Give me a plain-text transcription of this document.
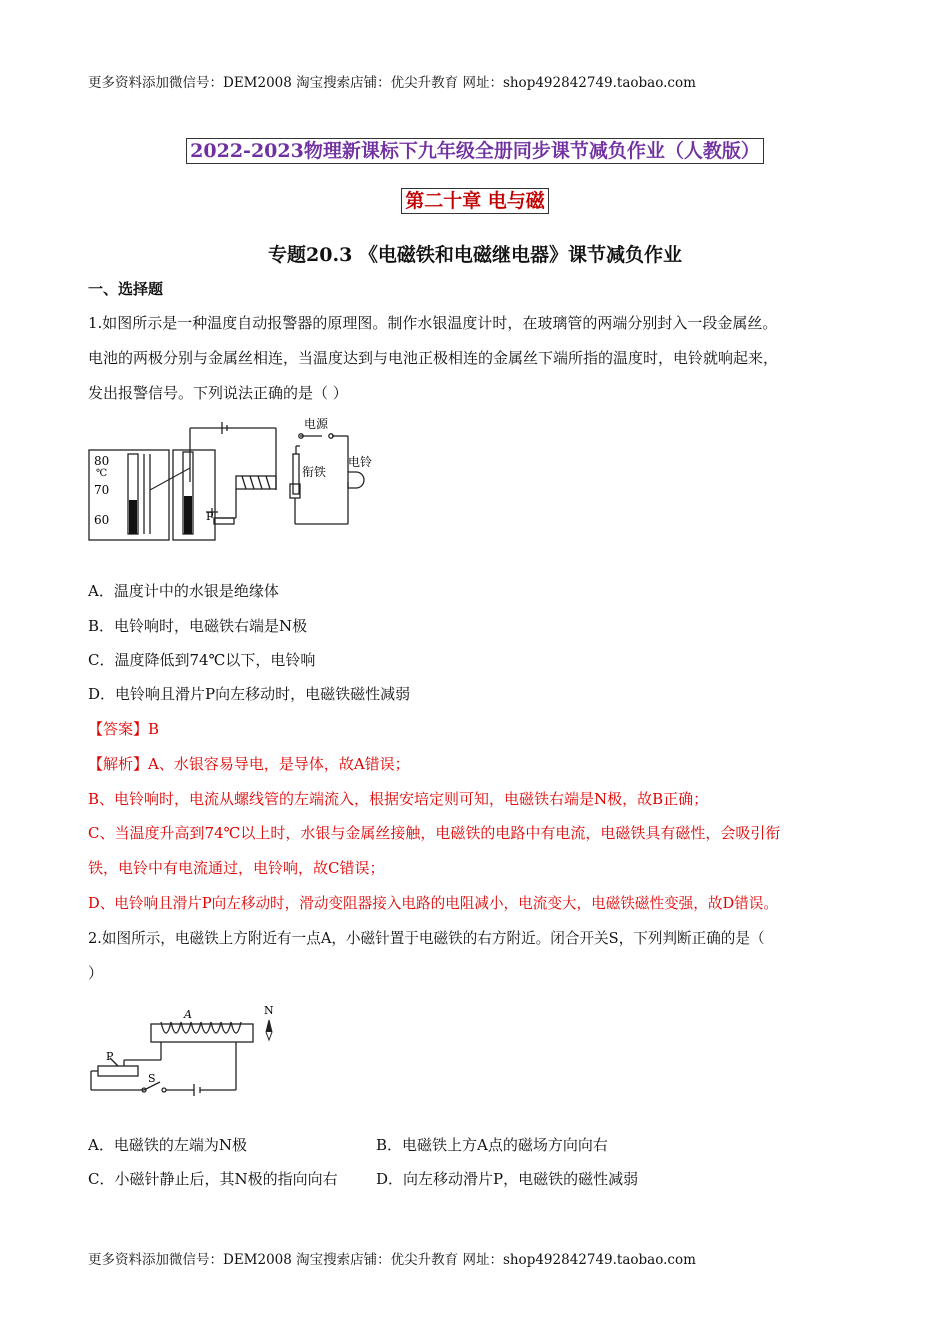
更多资料添加微信号：DEM2008 淘宝搜索店铺：优尖升教育 网址：shop492842749.taobao.com
2022-2023物理新课标下九年级全册同步课节减负作业（人教版）
第二十章 电与磁
专题20.3 《电磁铁和电磁继电器》课节减负作业
一、选择题
1.如图所示是一种温度自动报警器的原理图。制作水银温度计时，在玻璃管的两端分别封入一段金属丝。
电池的两极分别与金属丝相连，当温度达到与电池正极相连的金属丝下端所指的温度时，电铃就响起来，
发出报警信号。下列说法正确的是（ ）
80
℃
70
60	P
电源
衔铁
电铃
A．温度计中的水银是绝缘体
B．电铃响时，电磁铁右端是N极
C．温度降低到74℃以下，电铃响
D．电铃响且滑片P向左移动时，电磁铁磁性减弱
【答案】B
【解析】A、水银容易导电，是导体，故A错误；
B、电铃响时，电流从螺线管的左端流入，根据安培定则可知，电磁铁右端是N极，故B正确；
C、当温度升高到74℃以上时，水银与金属丝接触，电磁铁的电路中有电流，电磁铁具有磁性，会吸引衔
铁，电铃中有电流通过，电铃响，故C错误；
D、电铃响且滑片P向左移动时，滑动变阻器接入电路的电阻减小，电流变大，电磁铁磁性变强，故D错误。
2.如图所示，电磁铁上方附近有一点A，小磁针置于电磁铁的右方附近。闭合开关S，下列判断正确的是（
）
A	N
P
S
A．电磁铁的左端为N极	B．电磁铁上方A点的磁场方向向右
C．小磁针静止后，其N极的指向向右	D．向左移动滑片P，电磁铁的磁性减弱
更多资料添加微信号：DEM2008 淘宝搜索店铺：优尖升教育 网址：shop492842749.taobao.com
